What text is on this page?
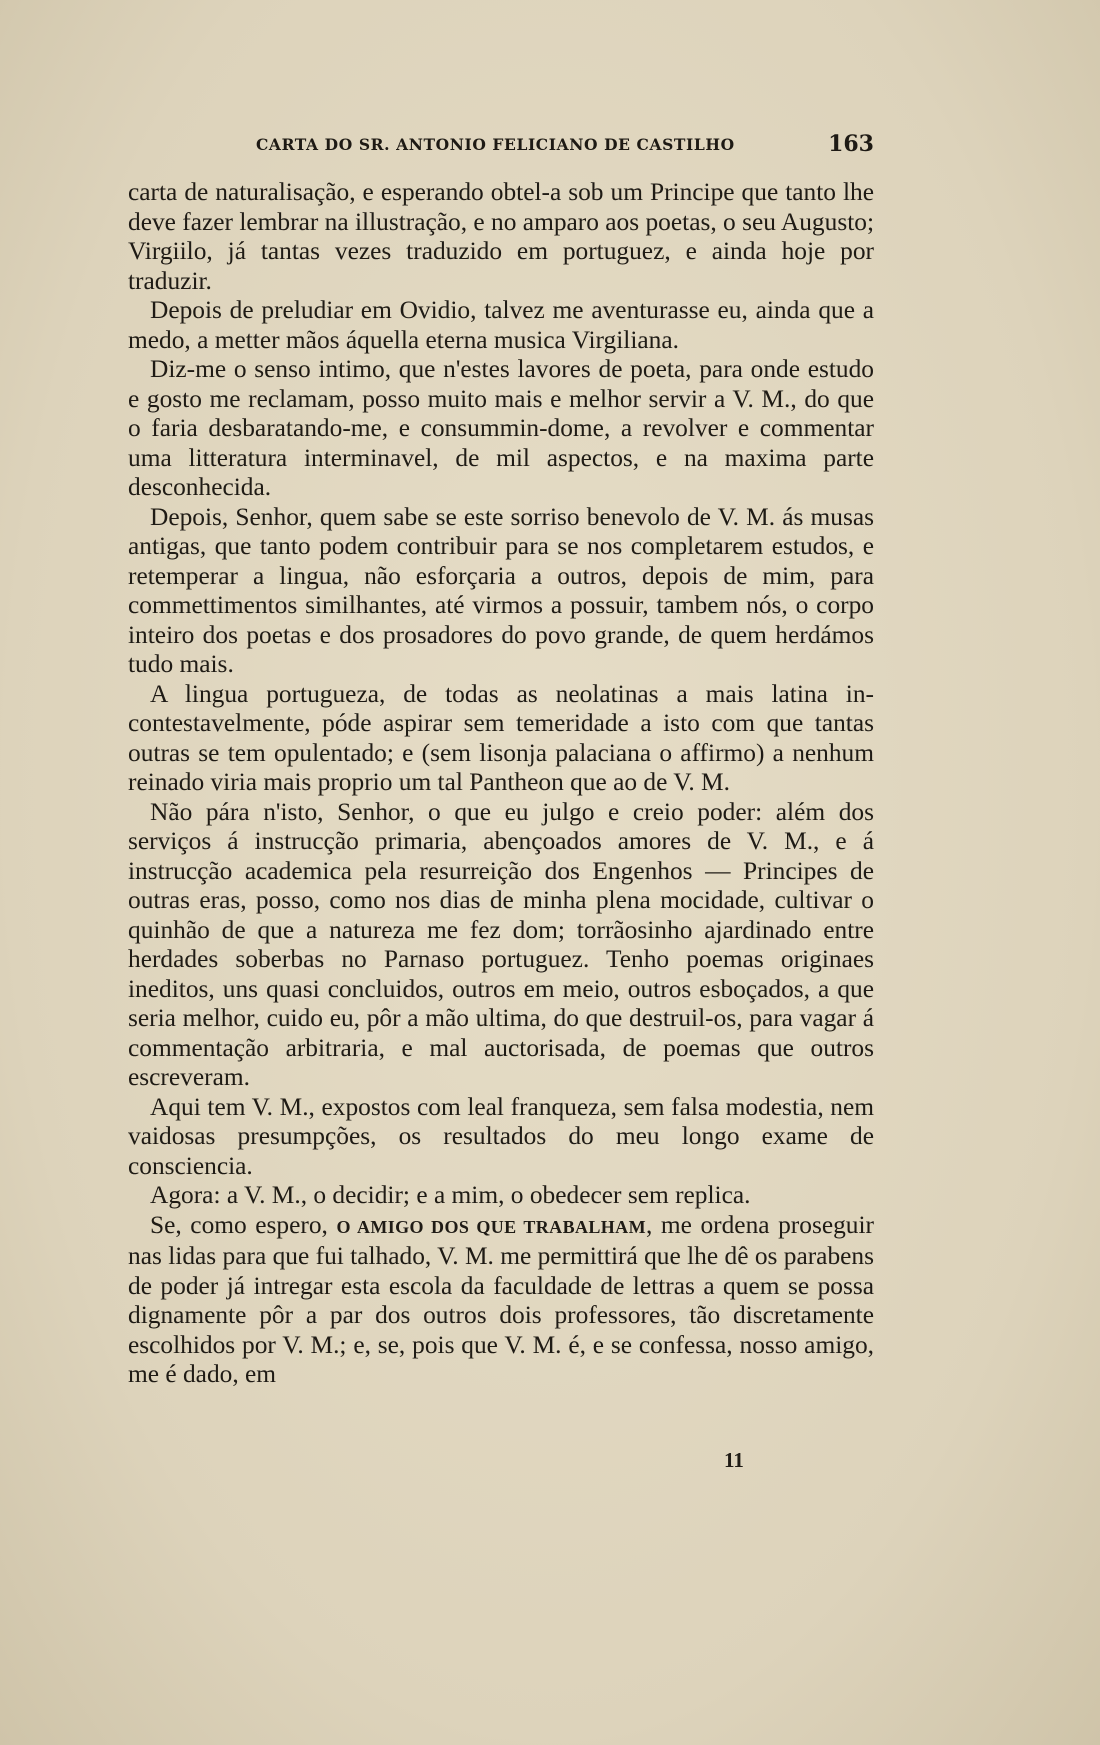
CARTA DO SR. ANTONIO FELICIANO DE CASTILHO	163

carta de naturalisação, e esperando obtel-a sob um Principe que tanto lhe deve fazer lembrar na illustração, e no amparo aos poetas, o seu Augusto; Virgiilo, já tantas vezes traduzido em portuguez, e ainda hoje por traduzir.

Depois de preludiar em Ovidio, talvez me aventurasse eu, ainda que a medo, a metter mãos áquella eterna musica Virgiliana.

Diz-me o senso intimo, que n'estes lavores de poeta, para onde estudo e gosto me reclamam, posso muito mais e melhor servir a V. M., do que o faria desbaratando-me, e consummin-dome, a revolver e commentar uma litteratura interminavel, de mil aspectos, e na maxima parte desconhecida.

Depois, Senhor, quem sabe se este sorriso benevolo de V. M. ás musas antigas, que tanto podem contribuir para se nos completarem estudos, e retemperar a lingua, não esforçaria a outros, depois de mim, para commettimentos similhantes, até virmos a possuir, tambem nós, o corpo inteiro dos poetas e dos prosadores do povo grande, de quem herdámos tudo mais.

A lingua portugueza, de todas as neolatinas a mais latina incontestavelmente, póde aspirar sem temeridade a isto com que tantas outras se tem opulentado; e (sem lisonja palaciana o affirmo) a nenhum reinado viria mais proprio um tal Pantheon que ao de V. M.

Não pára n'isto, Senhor, o que eu julgo e creio poder: além dos serviços á instrucção primaria, abençoados amores de V. M., e á instrucção academica pela resurreição dos Engenhos — Principes de outras eras, posso, como nos dias de minha plena mocidade, cultivar o quinhão de que a natureza me fez dom; torrãosinho ajardinado entre herdades soberbas no Parnaso portuguez. Tenho poemas originaes ineditos, uns quasi concluidos, outros em meio, outros esboçados, a que seria melhor, cuido eu, pôr a mão ultima, do que destruil-os, para vagar á commentação arbitraria, e mal auctorisada, de poemas que outros escreveram.

Aqui tem V. M., expostos com leal franqueza, sem falsa modestia, nem vaidosas presumpções, os resultados do meu longo exame de consciencia.

Agora: a V. M., o decidir; e a mim, o obedecer sem replica.

Se, como espero, O AMIGO DOS QUE TRABALHAM, me ordena proseguir nas lidas para que fui talhado, V. M. me permittirá que lhe dê os parabens de poder já intregar esta escola da faculdade de lettras a quem se possa dignamente pôr a par dos outros dois professores, tão discretamente escolhidos por V. M.; e, se, pois que V. M. é, e se confessa, nosso amigo, me é dado, em

11
